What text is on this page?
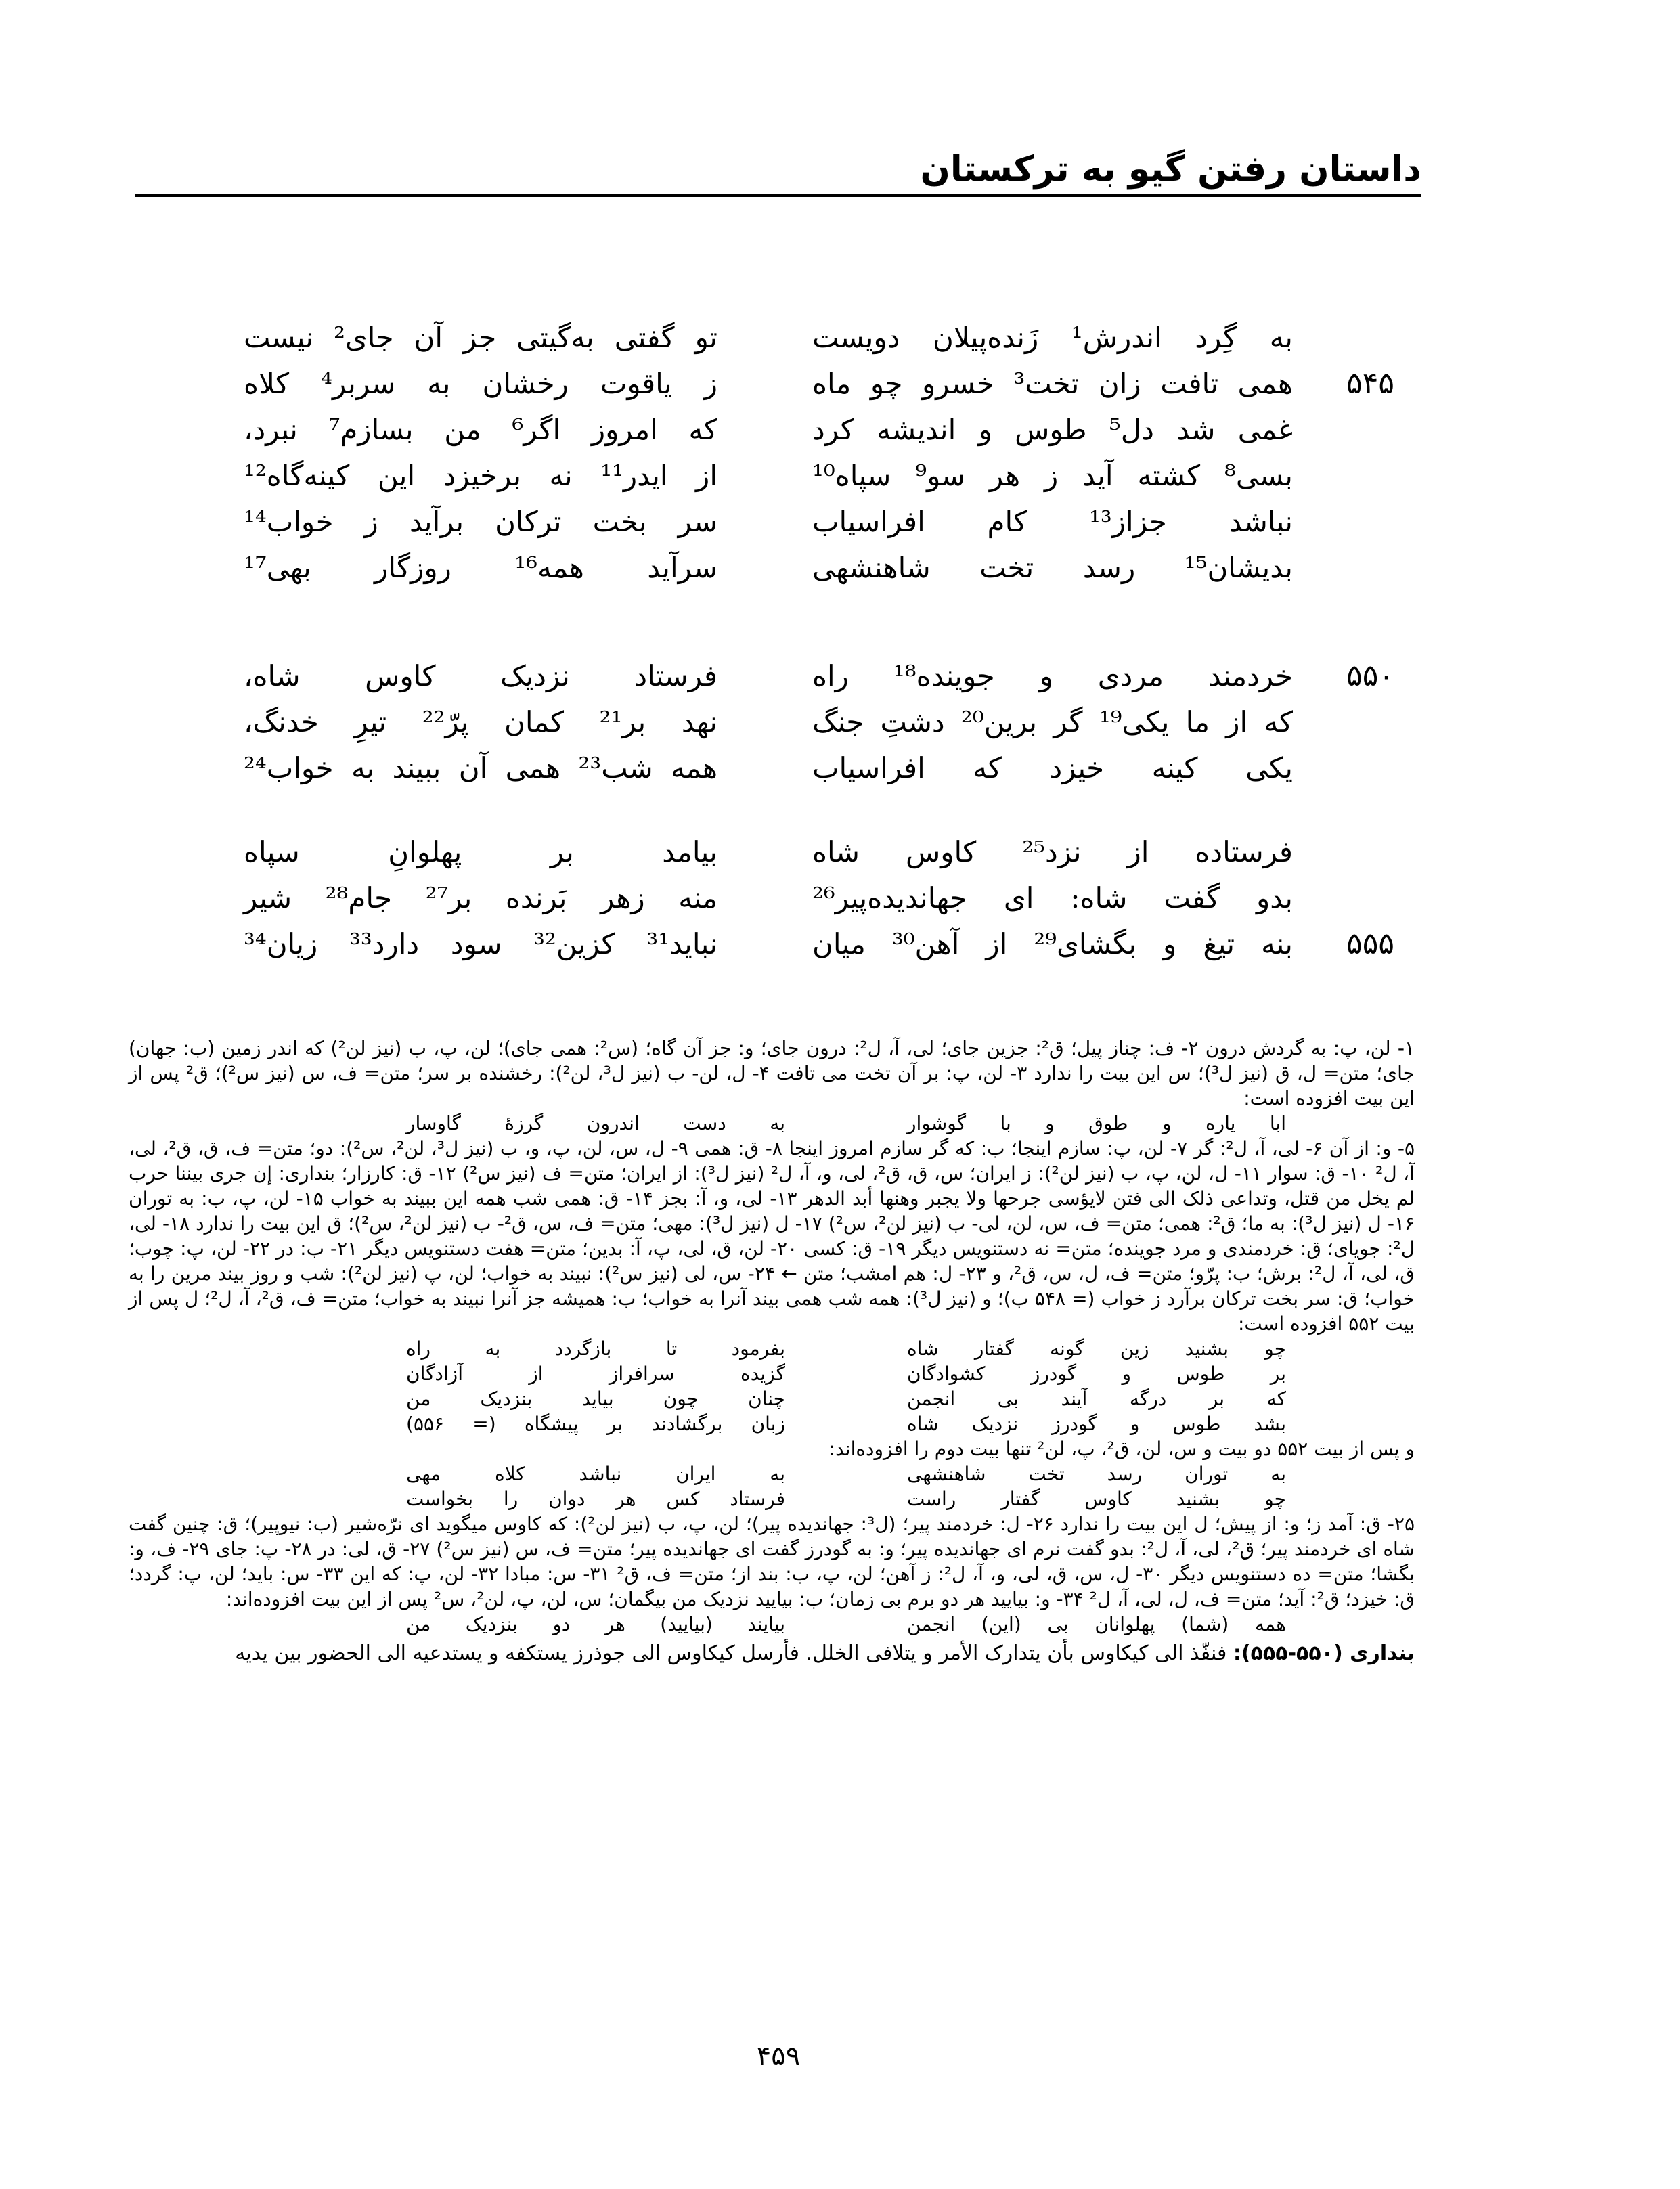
داستان رفتن گیو به ترکستان
به گِرد اندرش¹ زَنده‌پیلان دویست
تو گفتی به‌گیتی جز آن جای² نیست
۵۴۵
همی تافت زان تخت³ خسرو چو ماه
ز یاقوت رخشان به سربر⁴ کلاه
غمی شد دل⁵ طوس و اندیشه کرد
که امروز اگر⁶ من بسازم⁷ نبرد،
بسی⁸ کشته آید ز هر سو⁹ سپاه¹⁰
از ایدر¹¹ نه برخیزد این کینه‌گاه¹²
نباشد جزاز¹³ کام افراسیاب
سر بخت ترکان برآید ز خواب¹⁴
بدیشان¹⁵ رسد تخت شاهنشهی
سرآید همه¹⁶ روزگار بهی¹⁷
۵۵۰
خردمند مردی و جوینده¹⁸ راه
فرستاد نزدیک کاوس شاه،
که از ما یکی¹⁹ گر برین²⁰ دشتِ جنگ
نهد بر²¹ کمان پرّ²² تیرِ خدنگ،
یکی کینه خیزد که افراسیاب
همه شب²³ همی آن ببیند به خواب²⁴
فرستاده از نزد²⁵ کاوس شاه
بیامد بر پهلوانِ سپاه
بدو گفت شاه: ای جهاندیده‌پیر²⁶
منه زهر بَرنده بر²⁷ جام²⁸ شیر
۵۵۵
بنه تیغ و بگشای²⁹ از آهن³⁰ میان
نباید³¹ کزین³² سود دارد³³ زیان³⁴

۱- لن، پ: به گردش درون ۲- ف: چناز پیل؛ ق²: جزین جای؛ لی، آ، ل²: درون جای؛ و: جز آن گاه؛ (س²: همی جای)؛ لن، پ، ب (نیز لن²) که اندر زمین (ب: جهان) جای؛ متن= ل، ق (نیز ل³)؛ س این بیت را ندارد ۳- لن، پ: بر آن تخت می تافت ۴- ل، لن- ب (نیز ل³، لن²): رخشنده بر سر؛ متن= ف، س (نیز س²)؛ ق² پس از این بیت افزوده است:

ابا یاره و طوق و با گوشوار
به دست اندرون گرزهٔ گاوسار

۵- و: از آن ۶- لی، آ، ل²: گر ۷- لن، پ: سازم اینجا؛ ب: که گر سازم امروز اینجا ۸- ق: همی ۹- ل، س، لن، پ، و، ب (نیز ل³، لن²، س²): دو؛ متن= ف، ق، ق²، لی، آ، ل² ۱۰- ق: سوار ۱۱- ل، لن، پ، ب (نیز لن²): ز ایران؛ س، ق، ق²، لی، و، آ، ل² (نیز ل³): از ایران؛ متن= ف (نیز س²) ۱۲- ق: کارزار؛ بنداری: إن جری بیننا حرب لم یخل من قتل، وتداعی ذلک الی فتن لایؤسی جرحها ولا یجبر وهنها أبد الدهر ۱۳- لی، و، آ: بجز ۱۴- ق: همی شب همه این ببیند به خواب ۱۵- لن، پ، ب: به توران ۱۶- ل (نیز ل³): به ما؛ ق²: همی؛ متن= ف، س، لن، لی- ب (نیز لن²، س²) ۱۷- ل (نیز ل³): مهی؛ متن= ف، س، ق²- ب (نیز لن²، س²)؛ ق این بیت را ندارد ۱۸- لی، ل²: جویای؛ ق: خردمندی و مرد جوینده؛ متن= نه دستنویس دیگر ۱۹- ق: کسی ۲۰- لن، ق، لی، پ، آ: بدین؛ متن= هفت دستنویس دیگر ۲۱- ب: در ۲۲- لن، پ: چوب؛ ق، لی، آ، ل²: برش؛ ب: پرّو؛ متن= ف، ل، س، ق²، و ۲۳- ل: هم امشب؛ متن ← ۲۴- س، لی (نیز س²): نبیند به خواب؛ لن، پ (نیز لن²): شب و روز بیند مرین را به خواب؛ ق: سر بخت ترکان برآرد ز خواب (= ۵۴۸ ب)؛ و (نیز ل³): همه شب همی بیند آنرا به خواب؛ ب: همیشه جز آنرا نبیند به خواب؛ متن= ف، ق²، آ، ل²؛ ل پس از بیت ۵۵۲ افزوده است:

چو بشنید زین گونه گفتار شاه
بفرمود تا بازگردد به راه
بر طوس و گودرز کشوادگان
گزیده سرافراز از آزادگان
که بر درگه آیند بی انجمن
چنان چون بیاید بنزدیک من
بشد طوس و گودرز نزدیک شاه
زبان برگشادند بر پیشگاه (= ۵۵۶)

و پس از بیت ۵۵۲ دو بیت و س، لن، ق²، پ، لن² تنها بیت دوم را افزوده‌اند:

به توران رسد تخت شاهنشهی
به ایران نباشد کلاه مهی
چو بشنید کاوس گفتار راست
فرستاد کس هر دوان را بخواست

۲۵- ق: آمد ز؛ و: از پیش؛ ل این بیت را ندارد ۲۶- ل: خردمند پیر؛ (ل³: جهاندیده پیر)؛ لن، پ، ب (نیز لن²): که کاوس میگوید ای نرّه‌شیر (ب: نیوپیر)؛ ق: چنین گفت شاه ای خردمند پیر؛ ق²، لی، آ، ل²: بدو گفت نرم ای جهاندیده پیر؛ و: به گودرز گفت ای جهاندیده پیر؛ متن= ف، س (نیز س²) ۲۷- ق، لی: در ۲۸- پ: جای ۲۹- ف، و: بگشا؛ متن= ده دستنویس دیگر ۳۰- ل، س، ق، لی، و، آ، ل²: ز آهن؛ لن، پ، ب: بند از؛ متن= ف، ق² ۳۱- س: مبادا ۳۲- لن، پ: که این ۳۳- س: باید؛ لن، پ: گردد؛ ق: خیزد؛ ق²: آید؛ متن= ف، ل، لی، آ، ل² ۳۴- و: بیایید هر دو برم بی زمان؛ ب: بیایید نزدیک من بیگمان؛ س، لن، پ، لن²، س² پس از این بیت افزوده‌اند:

همه (شما) پهلوانان بی (این) انجمن
بیایند (بیایید) هر دو بنزدیک من

بنداری (۵۵۰-۵۵۵): فنفّذ الی کیکاوس بأن یتدارک الأمر و یتلافی الخلل. فأرسل کیکاوس الی جوذرز یستکفه و یستدعیه الی الحضور بین یدیه

۴۵۹
